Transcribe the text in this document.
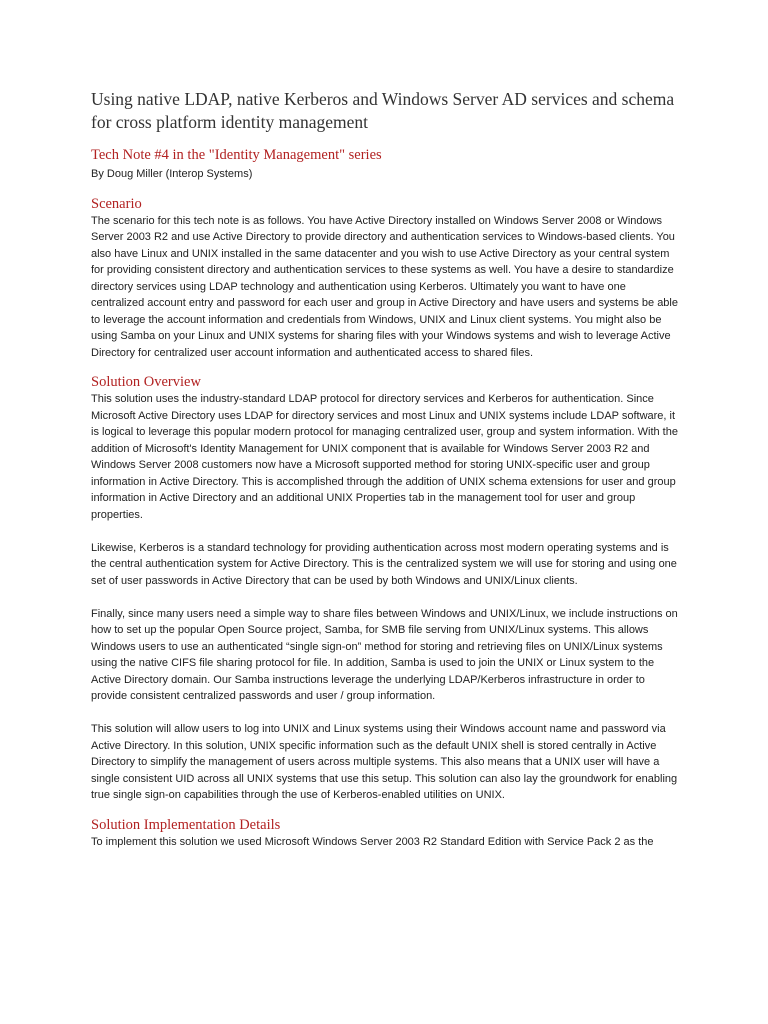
Using native LDAP, native Kerberos and Windows Server AD services and schema for cross platform identity management
Tech Note #4 in the "Identity Management" series

By Doug Miller (Interop Systems)

Scenario

The scenario for this tech note is as follows. You have Active Directory installed on Windows Server 2008 or Windows Server 2003 R2 and use Active Directory to provide directory and authentication services to Windows-based clients. You also have Linux and UNIX installed in the same datacenter and you wish to use Active Directory as your central system for providing consistent directory and authentication services to these systems as well. You have a desire to standardize directory services using LDAP technology and authentication using Kerberos. Ultimately you want to have one centralized account entry and password for each user and group in Active Directory and have users and systems be able to leverage the account information and credentials from Windows, UNIX and Linux client systems. You might also be using Samba on your Linux and UNIX systems for sharing files with your Windows systems and wish to leverage Active Directory for centralized user account information and authenticated access to shared files.

Solution Overview

This solution uses the industry-standard LDAP protocol for directory services and Kerberos for authentication. Since Microsoft Active Directory uses LDAP for directory services and most Linux and UNIX systems include LDAP software, it is logical to leverage this popular modern protocol for managing centralized user, group and system information. With the addition of Microsoft's Identity Management for UNIX component that is available for Windows Server 2003 R2 and Windows Server 2008 customers now have a Microsoft supported method for storing UNIX-specific user and group information in Active Directory. This is accomplished through the addition of UNIX schema extensions for user and group information in Active Directory and an additional UNIX Properties tab in the management tool for user and group properties.

Likewise, Kerberos is a standard technology for providing authentication across most modern operating systems and is the central authentication system for Active Directory. This is the centralized system we will use for storing and using one set of user passwords in Active Directory that can be used by both Windows and UNIX/Linux clients.

Finally, since many users need a simple way to share files between Windows and UNIX/Linux, we include instructions on how to set up the popular Open Source project, Samba, for SMB file serving from UNIX/Linux systems. This allows Windows users to use an authenticated “single sign-on” method for storing and retrieving files on UNIX/Linux systems using the native CIFS file sharing protocol for file. In addition, Samba is used to join the UNIX or Linux system to the Active Directory domain. Our Samba instructions leverage the underlying LDAP/Kerberos infrastructure in order to provide consistent centralized passwords and user / group information.

This solution will allow users to log into UNIX and Linux systems using their Windows account name and password via Active Directory. In this solution, UNIX specific information such as the default UNIX shell is stored centrally in Active Directory to simplify the management of users across multiple systems. This also means that a UNIX user will have a single consistent UID across all UNIX systems that use this setup. This solution can also lay the groundwork for enabling true single sign-on capabilities through the use of Kerberos-enabled utilities on UNIX.

Solution Implementation Details

To implement this solution we used Microsoft Windows Server 2003 R2 Standard Edition with Service Pack 2 as the
